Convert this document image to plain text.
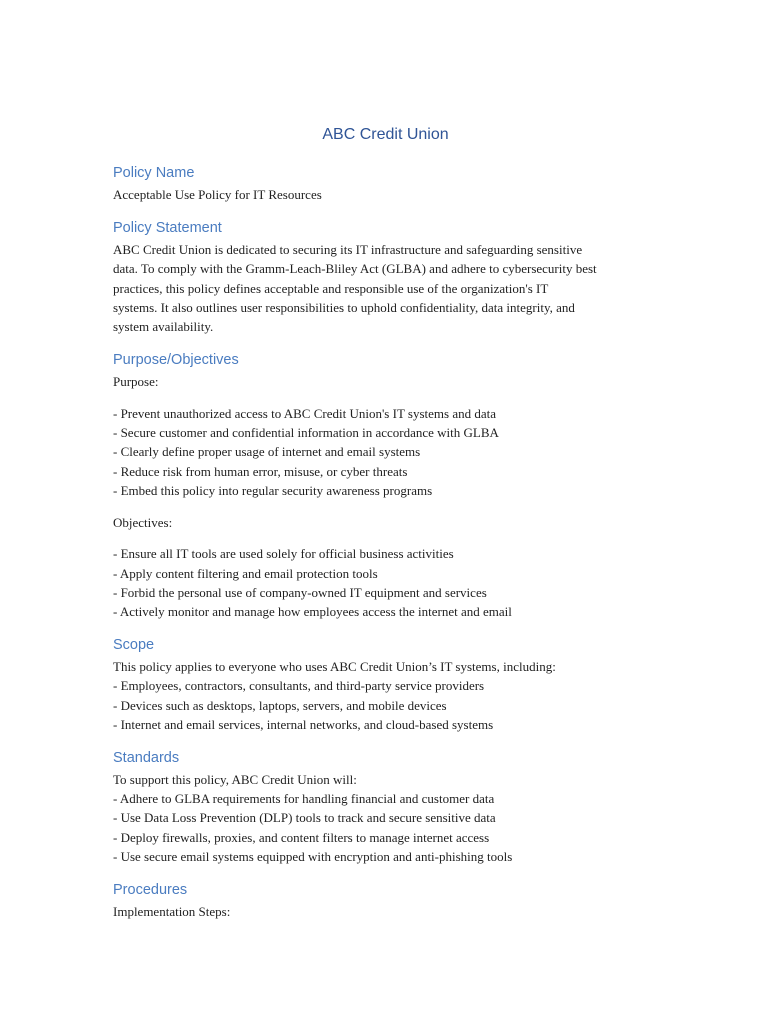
ABC Credit Union
Policy Name

Acceptable Use Policy for IT Resources

Policy Statement
ABC Credit Union is dedicated to securing its IT infrastructure and safeguarding sensitive
data. To comply with the Gramm-Leach-Bliley Act (GLBA) and adhere to cybersecurity best
practices, this policy defines acceptable and responsible use of the organization's IT
systems. It also outlines user responsibilities to uphold confidentiality, data integrity, and
system availability.
Purpose/Objectives

Purpose:

- Prevent unauthorized access to ABC Credit Union's IT systems and data
- Secure customer and confidential information in accordance with GLBA
- Clearly define proper usage of internet and email systems
- Reduce risk from human error, misuse, or cyber threats
- Embed this policy into regular security awareness programs

Objectives:

- Ensure all IT tools are used solely for official business activities
- Apply content filtering and email protection tools
- Forbid the personal use of company-owned IT equipment and services
- Actively monitor and manage how employees access the internet and email
Scope
This policy applies to everyone who uses ABC Credit Union’s IT systems, including:
- Employees, contractors, consultants, and third-party service providers
- Devices such as desktops, laptops, servers, and mobile devices
- Internet and email services, internal networks, and cloud-based systems
Standards
To support this policy, ABC Credit Union will:
- Adhere to GLBA requirements for handling financial and customer data
- Use Data Loss Prevention (DLP) tools to track and secure sensitive data
- Deploy firewalls, proxies, and content filters to manage internet access
- Use secure email systems equipped with encryption and anti-phishing tools
Procedures

Implementation Steps:
